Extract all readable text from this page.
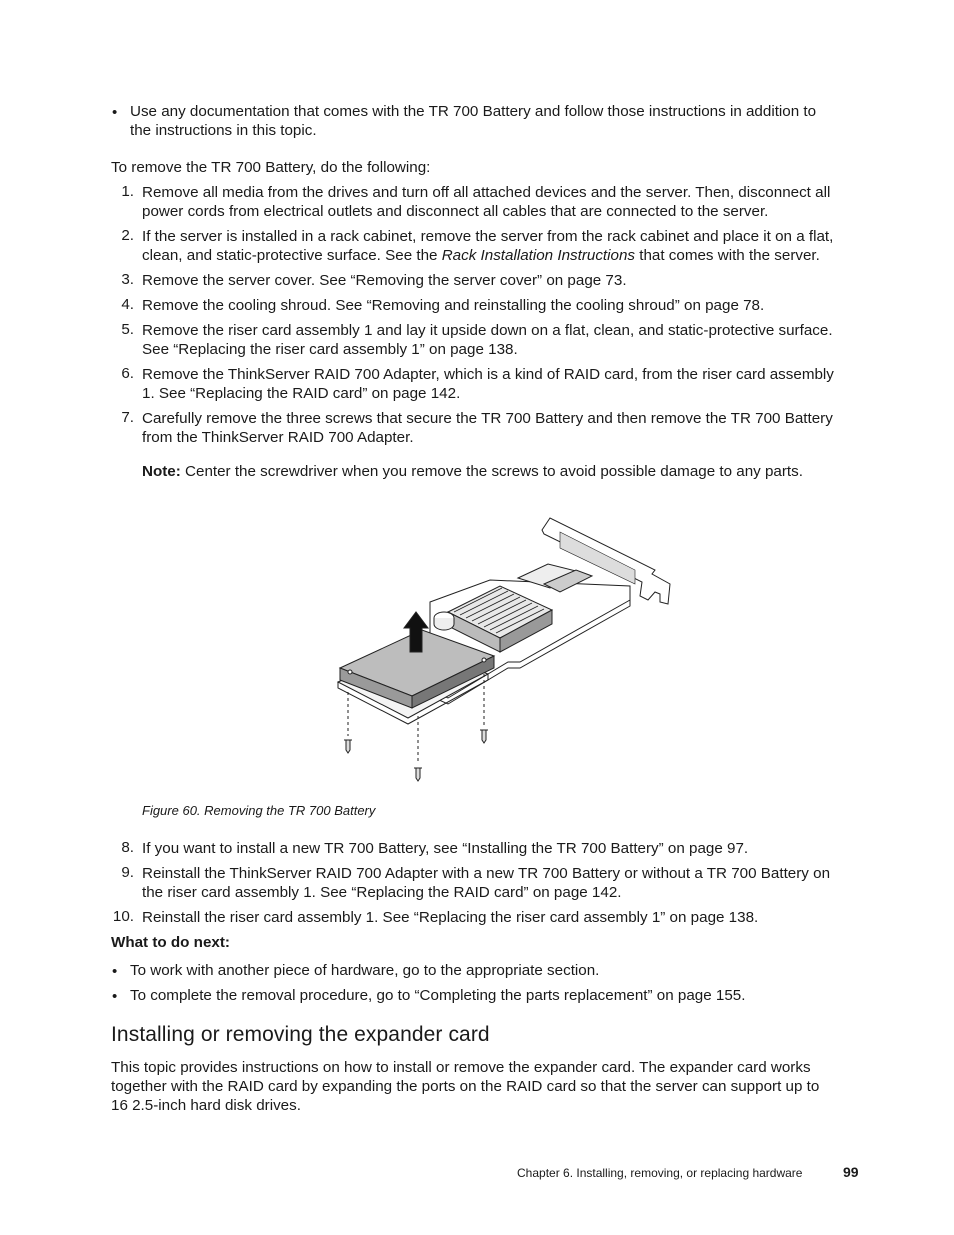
• Use any documentation that comes with the TR 700 Battery and follow those instructions in addition to
the instructions in this topic.
To remove the TR 700 Battery, do the following:
1. Remove all media from the drives and turn off all attached devices and the server. Then, disconnect all
power cords from electrical outlets and disconnect all cables that are connected to the server.
2. If the server is installed in a rack cabinet, remove the server from the rack cabinet and place it on a flat,
clean, and static-protective surface. See the Rack Installation Instructions that comes with the server.
3. Remove the server cover. See “Removing the server cover” on page 73.
4. Remove the cooling shroud. See “Removing and reinstalling the cooling shroud” on page 78.
5. Remove the riser card assembly 1 and lay it upside down on a flat, clean, and static-protective surface.
See “Replacing the riser card assembly 1” on page 138.
6. Remove the ThinkServer RAID 700 Adapter, which is a kind of RAID card, from the riser card assembly
1. See “Replacing the RAID card” on page 142.
7. Carefully remove the three screws that secure the TR 700 Battery and then remove the TR 700 Battery
from the ThinkServer RAID 700 Adapter.
Note: Center the screwdriver when you remove the screws to avoid possible damage to any parts.
Figure 60. Removing the TR 700 Battery
8. If you want to install a new TR 700 Battery, see “Installing the TR 700 Battery” on page 97.
9. Reinstall the ThinkServer RAID 700 Adapter with a new TR 700 Battery or without a TR 700 Battery on
the riser card assembly 1. See “Replacing the RAID card” on page 142.
10. Reinstall the riser card assembly 1. See “Replacing the riser card assembly 1” on page 138.
What to do next:
• To work with another piece of hardware, go to the appropriate section.
• To complete the removal procedure, go to “Completing the parts replacement” on page 155.
Installing or removing the expander card
This topic provides instructions on how to install or remove the expander card. The expander card works
together with the RAID card by expanding the ports on the RAID card so that the server can support up to
16 2.5-inch hard disk drives.
Chapter 6. Installing, removing, or replacing hardware	99
